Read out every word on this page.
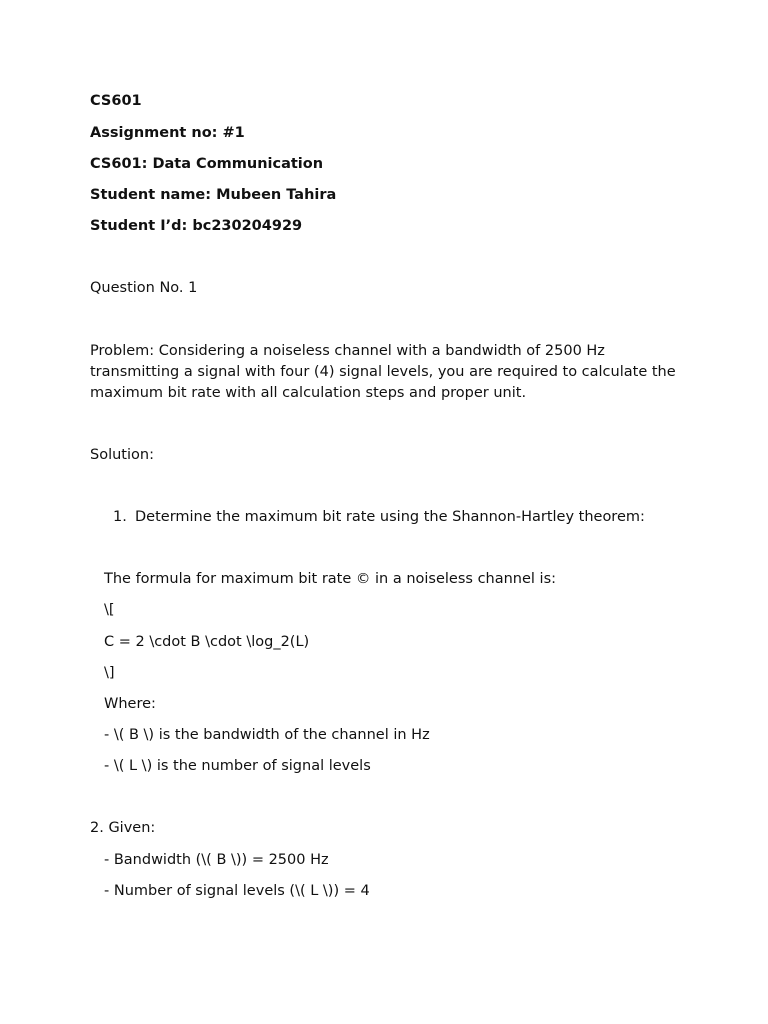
CS601
Assignment no: #1
CS601: Data Communication
Student name: Mubeen Tahira
Student I’d: bc230204929
Question No. 1
Problem: Considering a noiseless channel with a bandwidth of 2500 Hz transmitting a signal with four (4) signal levels, you are required to calculate the maximum bit rate with all calculation steps and proper unit.
Solution:
1. Determine the maximum bit rate using the Shannon-Hartley theorem:
The formula for maximum bit rate © in a noiseless channel is:
\[
C = 2 \cdot B \cdot \log_2(L)
\]
Where:
- \( B \) is the bandwidth of the channel in Hz
- \( L \) is the number of signal levels
2. Given:
- Bandwidth (\( B \)) = 2500 Hz
- Number of signal levels (\( L \)) = 4
